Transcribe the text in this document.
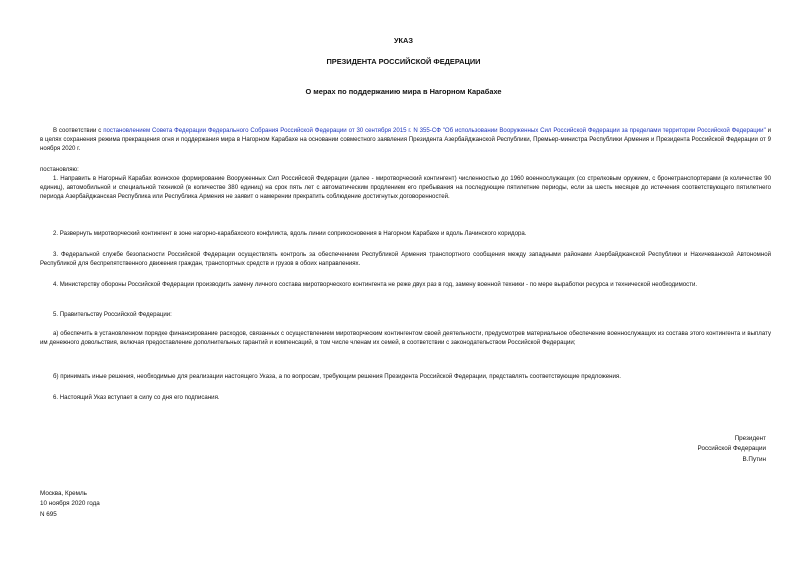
УКАЗ
ПРЕЗИДЕНТА РОССИЙСКОЙ ФЕДЕРАЦИИ
О мерах по поддержанию мира в Нагорном Карабахе

В соответствии с постановлением Совета Федерации Федерального Собрания Российской Федерации от 30 сентября 2015 г. N 355-СФ "Об использовании Вооруженных Сил Российской Федерации за пределами территории Российской Федерации" и в целях сохранения режима прекращения огня и поддержания мира в Нагорном Карабахе на основании совместного заявления Президента Азербайджанской Республики, Премьер-министра Республики Армения и Президента Российской Федерации от 9 ноября 2020 г.

постановляю:

1. Направить в Нагорный Карабах воинское формирование Вооруженных Сил Российской Федерации (далее - миротворческий контингент) численностью до 1960 военнослужащих (со стрелковым оружием, с бронетранспортерами (в количестве 90 единиц), автомобильной и специальной техникой (в количестве 380 единиц) на срок пять лет с автоматическим продлением его пребывания на последующие пятилетние периоды, если за шесть месяцев до истечения соответствующего пятилетнего периода Азербайджанская Республика или Республика Армения не заявит о намерении прекратить соблюдение достигнутых договоренностей.

2. Развернуть миротворческий контингент в зоне нагорно-карабахского конфликта, вдоль линии соприкосновения в Нагорном Карабахе и вдоль Лачинского коридора.

3. Федеральной службе безопасности Российской Федерации осуществлять контроль за обеспечением Республикой Армения транспортного сообщения между западными районами Азербайджанской Республики и Нахичеванской Автономной Республикой для беспрепятственного движения граждан, транспортных средств и грузов в обоих направлениях.

4. Министерству обороны Российской Федерации производить замену личного состава миротворческого контингента не реже двух раз в год, замену военной техники - по мере выработки ресурса и технической необходимости.

5. Правительству Российской Федерации:

а) обеспечить в установленном порядке финансирование расходов, связанных с осуществлением миротворческим контингентом своей деятельности, предусмотрев материальное обеспечение военнослужащих из состава этого контингента и выплату им денежного довольствия, включая предоставление дополнительных гарантий и компенсаций, в том числе членам их семей, в соответствии с законодательством Российской Федерации;

б) принимать иные решения, необходимые для реализации настоящего Указа, а по вопросам, требующим решения Президента Российской Федерации, представлять соответствующие предложения.

6. Настоящий Указ вступает в силу со дня его подписания.

Президент
Российской Федерации
В.Путин
Москва, Кремль
10 ноября 2020 года
N 695
